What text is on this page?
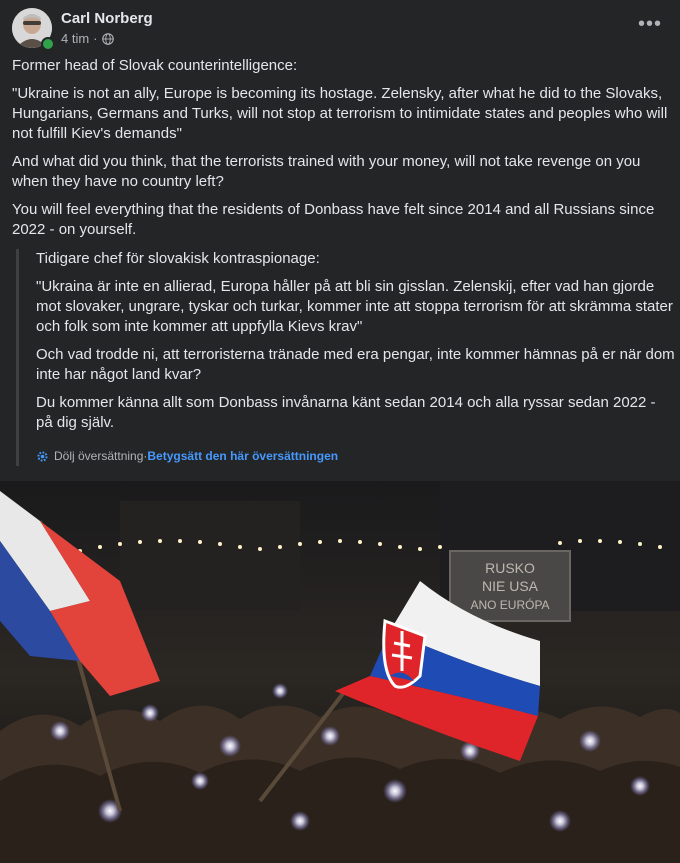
Carl Norberg
4 tim ·
•••

Former head of Slovak counterintelligence:

"Ukraine is not an ally, Europe is becoming its hostage. Zelensky, after what he did to the Slovaks, Hungarians, Germans and Turks, will not stop at terrorism to intimidate states and peoples who will not fulfill Kiev's demands"

And what did you think, that the terrorists trained with your money, will not take revenge on you when they have no country left?

You will feel everything that the residents of Donbass have felt since 2014 and all Russians since 2022 - on yourself.

Tidigare chef för slovakisk kontraspionage:

"Ukraina är inte en allierad, Europa håller på att bli sin gisslan. Zelenskij, efter vad han gjorde mot slovaker, ungrare, tyskar och turkar, kommer inte att stoppa terrorism för att skrämma stater och folk som inte kommer att uppfylla Kievs krav"

Och vad trodde ni, att terroristerna tränade med era pengar, inte kommer hämnas på er när dom inte har något land kvar?

Du kommer känna allt som Donbass invånarna känt sedan 2014 och alla ryssar sedan 2022 - på dig själv.

Dölj översättning · Betygsätt den här översättningen
RUSKO
NIE USA
ANO EURÓPA
